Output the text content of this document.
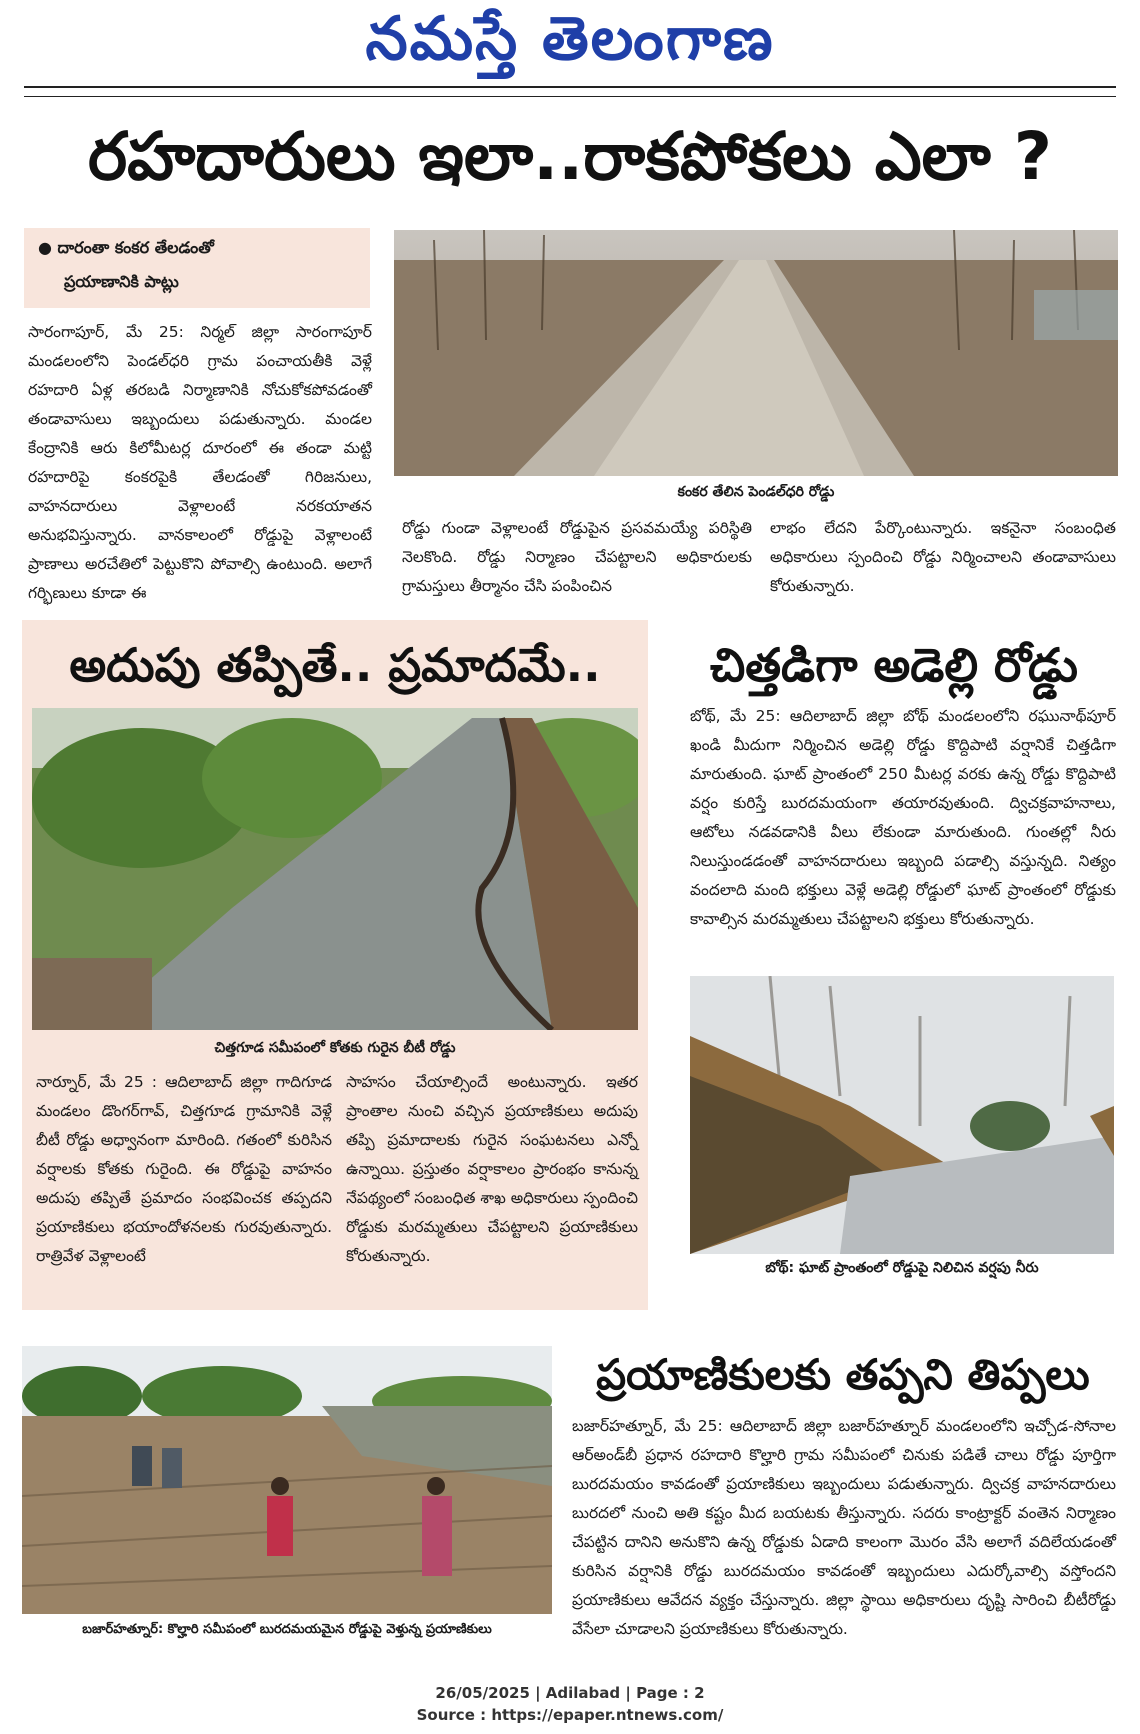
నమస్తే తెలంగాణ
రహదారులు ఇలా..రాకపోకలు ఎలా ?
● దారంతా కంకర తేలడంతో
ప్రయాణానికి పాట్లు
కంకర తేలిన పెండల్‌ధరి రోడ్డు
సారంగాపూర్, మే 25: నిర్మల్ జిల్లా సారంగాపూర్ మండలంలోని పెండల్‌ధరి గ్రామ పంచాయతీకి వెళ్లే రహదారి ఏళ్ల తరబడి నిర్మాణానికి నోచుకోకపోవడంతో తండావాసులు ఇబ్బందులు పడుతున్నారు. మండల కేంద్రానికి ఆరు కిలోమీటర్ల దూరంలో ఈ తండా మట్టి రహదారిపై కంకరపైకి తేలడంతో గిరిజనులు, వాహనదారులు వెళ్లాలంటే నరకయాతన అనుభవిస్తున్నారు. వానకాలంలో రోడ్డుపై వెళ్లాలంటే ప్రాణాలు అరచేతిలో పెట్టుకొని పోవాల్సి ఉంటుంది. అలాగే గర్భిణులు కూడా ఈ
రోడ్డు గుండా వెళ్లాలంటే రోడ్డుపైన ప్రసవమయ్యే పరిస్థితి నెలకొంది. రోడ్డు నిర్మాణం చేపట్టాలని అధికారులకు గ్రామస్తులు తీర్మానం చేసి పంపించిన
లాభం లేదని పేర్కొంటున్నారు. ఇకనైనా సంబంధిత అధికారులు స్పందించి రోడ్డు నిర్మించాలని తండావాసులు కోరుతున్నారు.
అదుపు తప్పితే.. ప్రమాదమే..
చిత్తగూడ సమీపంలో కోతకు గురైన బీటీ రోడ్డు
నార్నూర్, మే 25 : ఆదిలాబాద్ జిల్లా గాదిగూడ మండలం డొంగర్‌గావ్, చిత్తగూడ గ్రామానికి వెళ్లే బీటీ రోడ్డు అధ్వానంగా మారింది. గతంలో కురిసిన వర్షాలకు కోతకు గురైంది. ఈ రోడ్డుపై వాహనం అదుపు తప్పితే ప్రమాదం సంభవించక తప్పదని ప్రయాణికులు భయాందోళనలకు గురవుతున్నారు. రాత్రివేళ వెళ్లాలంటే
సాహసం చేయాల్సిందే అంటున్నారు. ఇతర ప్రాంతాల నుంచి వచ్చిన ప్రయాణికులు అదుపు తప్పి ప్రమాదాలకు గురైన సంఘటనలు ఎన్నో ఉన్నాయి. ప్రస్తుతం వర్షాకాలం ప్రారంభం కానున్న నేపథ్యంలో సంబంధిత శాఖ అధికారులు స్పందించి రోడ్డుకు మరమ్మతులు చేపట్టాలని ప్రయాణికులు కోరుతున్నారు.
చిత్తడిగా అడెల్లి రోడ్డు
బోథ్, మే 25: ఆదిలాబాద్ జిల్లా బోథ్ మండలంలోని రఘునాథ్‌పూర్ ఖండి మీదుగా నిర్మించిన అడెల్లి రోడ్డు కొద్దిపాటి వర్షానికే చిత్తడిగా మారుతుంది. ఘాట్ ప్రాంతంలో 250 మీటర్ల వరకు ఉన్న రోడ్డు కొద్దిపాటి వర్షం కురిస్తే బురదమయంగా తయారవుతుంది. ద్విచక్రవాహనాలు, ఆటోలు నడవడానికి వీలు లేకుండా మారుతుంది. గుంతల్లో నీరు నిలుస్తుండడంతో వాహనదారులు ఇబ్బంది పడాల్సి వస్తున్నది. నిత్యం వందలాది మంది భక్తులు వెళ్లే అడెల్లి రోడ్డులో ఘాట్ ప్రాంతంలో రోడ్డుకు కావాల్సిన మరమ్మతులు చేపట్టాలని భక్తులు కోరుతున్నారు.
బోథ్: ఘాట్ ప్రాంతంలో రోడ్డుపై నిలిచిన వర్షపు నీరు
బజార్‌హత్నూర్: కొల్హారి సమీపంలో బురదమయమైన రోడ్డుపై వెళ్తున్న ప్రయాణికులు
ప్రయాణికులకు తప్పని తిప్పలు
బజార్‌హత్నూర్, మే 25: ఆదిలాబాద్ జిల్లా బజార్‌హత్నూర్ మండలంలోని ఇచ్చోడ-సోనాల ఆర్అండ్‌బీ ప్రధాన రహదారి కొల్హారి గ్రామ సమీపంలో చినుకు పడితే చాలు రోడ్డు పూర్తిగా బురదమయం కావడంతో ప్రయాణికులు ఇబ్బందులు పడుతున్నారు. ద్విచక్ర వాహనదారులు బురదలో నుంచి అతి కష్టం మీద బయటకు తీస్తున్నారు. సదరు కాంట్రాక్టర్ వంతెన నిర్మాణం చేపట్టిన దానిని అనుకొని ఉన్న రోడ్డుకు ఏడాది కాలంగా మొరం వేసి అలాగే వదిలేయడంతో కురిసిన వర్షానికి రోడ్డు బురదమయం కావడంతో ఇబ్బందులు ఎదుర్కోవాల్సి వస్తోందని ప్రయాణికులు ఆవేదన వ్యక్తం చేస్తున్నారు. జిల్లా స్థాయి అధికారులు దృష్టి సారించి బీటీరోడ్డు వేసేలా చూడాలని ప్రయాణికులు కోరుతున్నారు.
26/05/2025 | Adilabad | Page : 2
Source : https://epaper.ntnews.com/
